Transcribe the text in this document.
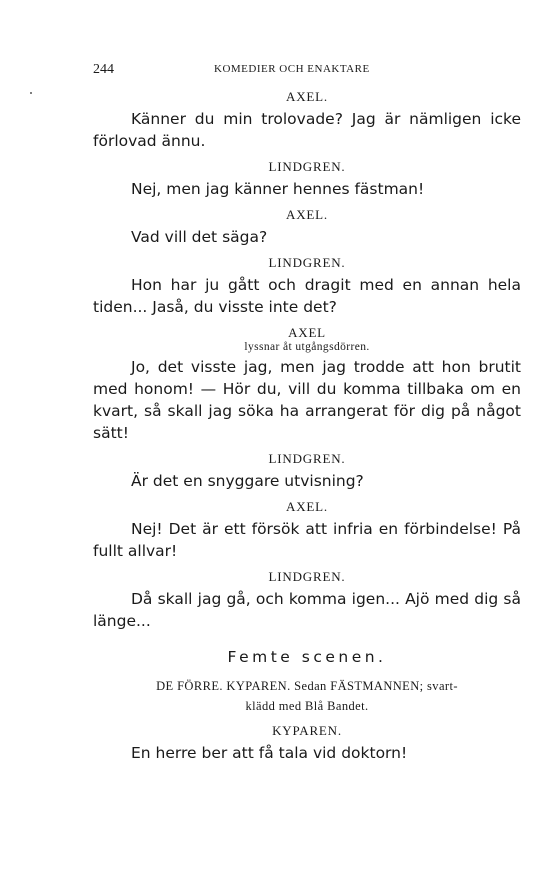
244	KOMEDIER OCH ENAKTARE
AXEL.

Känner du min trolovade? Jag är nämligen icke förlovad ännu.

LINDGREN.

Nej, men jag känner hennes fästman!

AXEL.

Vad vill det säga?

LINDGREN.

Hon har ju gått och dragit med en annan hela tiden... Jaså, du visste inte det?

AXEL
lyssnar åt utgångsdörren.

Jo, det visste jag, men jag trodde att hon brutit med honom! — Hör du, vill du komma tillbaka om en kvart, så skall jag söka ha arrangerat för dig på något sätt!

LINDGREN.

Är det en snyggare utvisning?

AXEL.

Nej! Det är ett försök att infria en förbindelse! På fullt allvar!

LINDGREN.

Då skall jag gå, och komma igen... Ajö med dig så länge...

Femte scenen.
DE FÖRRE. KYPAREN. Sedan FÄSTMANNEN; svart-
klädd med Blå Bandet.
KYPAREN.

En herre ber att få tala vid doktorn!
